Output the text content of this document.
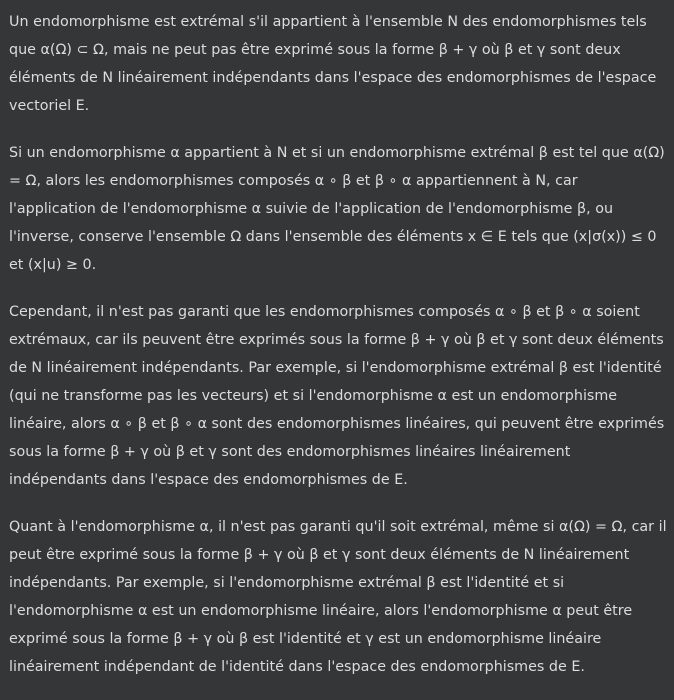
Un endomorphisme est extrémal s'il appartient à l'ensemble N des endomorphismes tels que α(Ω) ⊂ Ω, mais ne peut pas être exprimé sous la forme β + γ où β et γ sont deux éléments de N linéairement indépendants dans l'espace des endomorphismes de l'espace vectoriel E.

Si un endomorphisme α appartient à N et si un endomorphisme extrémal β est tel que α(Ω) = Ω, alors les endomorphismes composés α ∘ β et β ∘ α appartiennent à N, car l'application de l'endomorphisme α suivie de l'application de l'endomorphisme β, ou l'inverse, conserve l'ensemble Ω dans l'ensemble des éléments x ∈ E tels que (x|σ(x)) ≤ 0 et (x|u) ≥ 0.

Cependant, il n'est pas garanti que les endomorphismes composés α ∘ β et β ∘ α soient extrémaux, car ils peuvent être exprimés sous la forme β + γ où β et γ sont deux éléments de N linéairement indépendants. Par exemple, si l'endomorphisme extrémal β est l'identité (qui ne transforme pas les vecteurs) et si l'endomorphisme α est un endomorphisme linéaire, alors α ∘ β et β ∘ α sont des endomorphismes linéaires, qui peuvent être exprimés sous la forme β + γ où β et γ sont des endomorphismes linéaires linéairement indépendants dans l'espace des endomorphismes de E.

Quant à l'endomorphisme α, il n'est pas garanti qu'il soit extrémal, même si α(Ω) = Ω, car il peut être exprimé sous la forme β + γ où β et γ sont deux éléments de N linéairement indépendants. Par exemple, si l'endomorphisme extrémal β est l'identité et si l'endomorphisme α est un endomorphisme linéaire, alors l'endomorphisme α peut être exprimé sous la forme β + γ où β est l'identité et γ est un endomorphisme linéaire linéairement indépendant de l'identité dans l'espace des endomorphismes de E.
